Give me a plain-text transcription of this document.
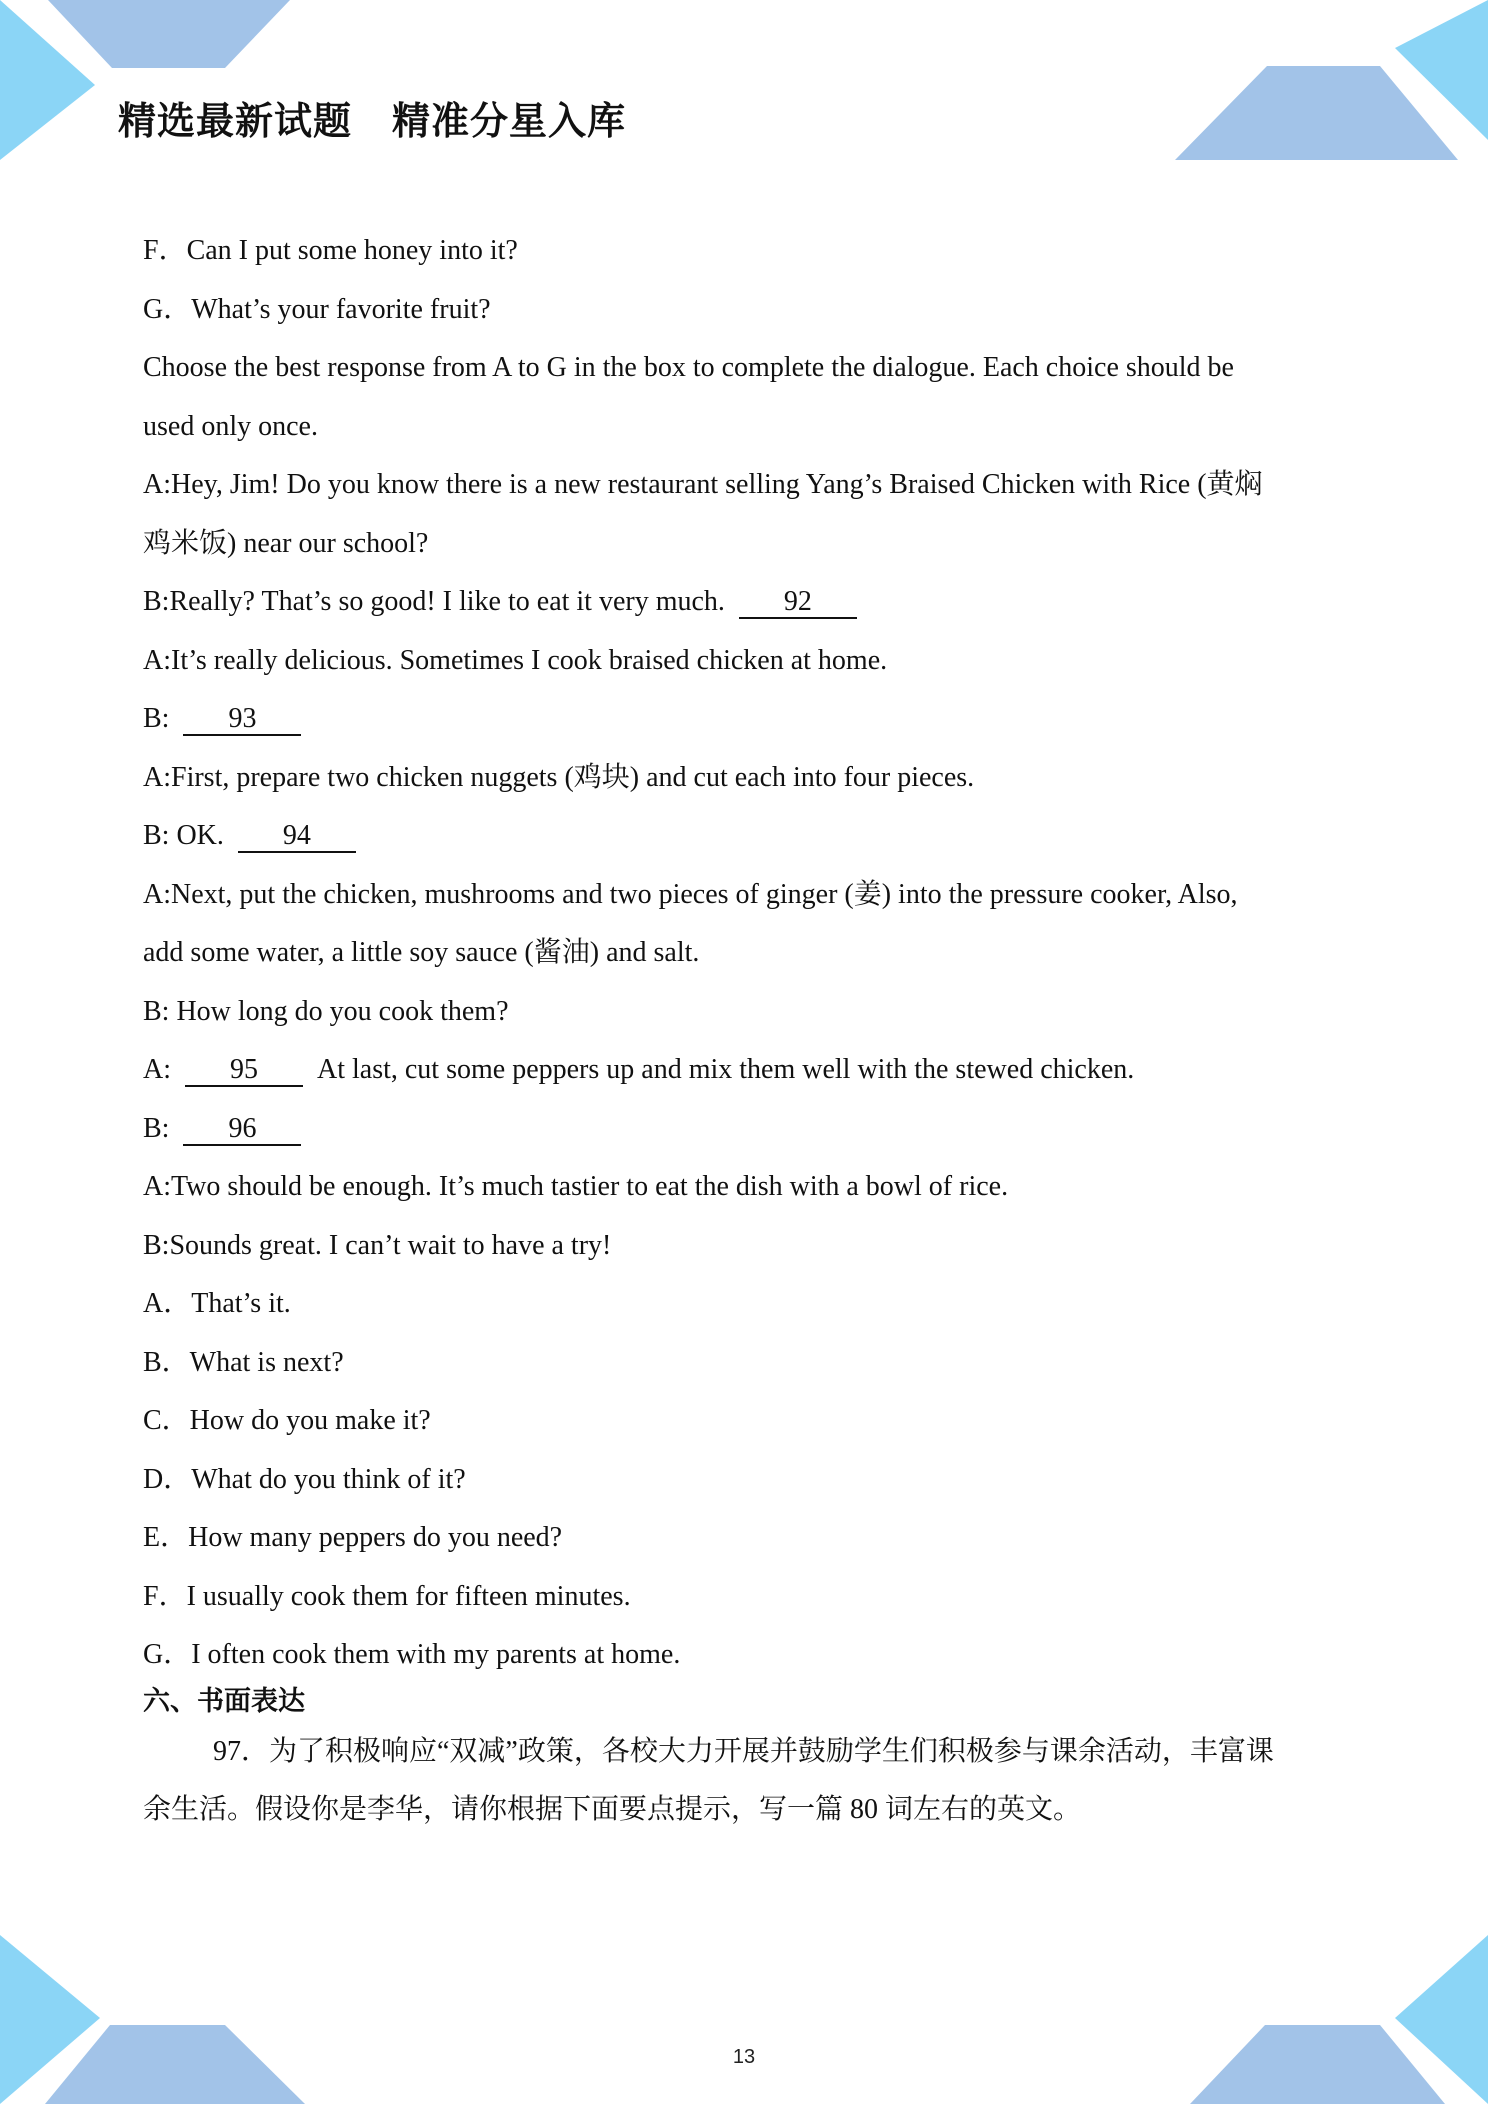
精选最新试题 精准分星入库
F．Can I put some honey into it?
G．What’s your favorite fruit?
Choose the best response from A to G in the box to complete the dialogue. Each choice should be
used only once.
A:Hey, Jim! Do you know there is a new restaurant selling Yang’s Braised Chicken with Rice (黄焖
鸡米饭) near our school?
B:Really? That’s so good! I like to eat it very much. 92
A:It’s really delicious. Sometimes I cook braised chicken at home.
B: 93
A:First, prepare two chicken nuggets (鸡块) and cut each into four pieces.
B: OK. 94
A:Next, put the chicken, mushrooms and two pieces of ginger (姜) into the pressure cooker, Also,
add some water, a little soy sauce (酱油) and salt.
B: How long do you cook them?
A: 95 At last, cut some peppers up and mix them well with the stewed chicken.
B: 96
A:Two should be enough. It’s much tastier to eat the dish with a bowl of rice.
B:Sounds great. I can’t wait to have a try!
A．That’s it.
B．What is next?
C．How do you make it?
D．What do you think of it?
E．How many peppers do you need?
F．I usually cook them for fifteen minutes.
G．I often cook them with my parents at home.
六、书面表达
97．为了积极响应“双减”政策，各校大力开展并鼓励学生们积极参与课余活动，丰富课
余生活。假设你是李华，请你根据下面要点提示，写一篇 80 词左右的英文。
13
